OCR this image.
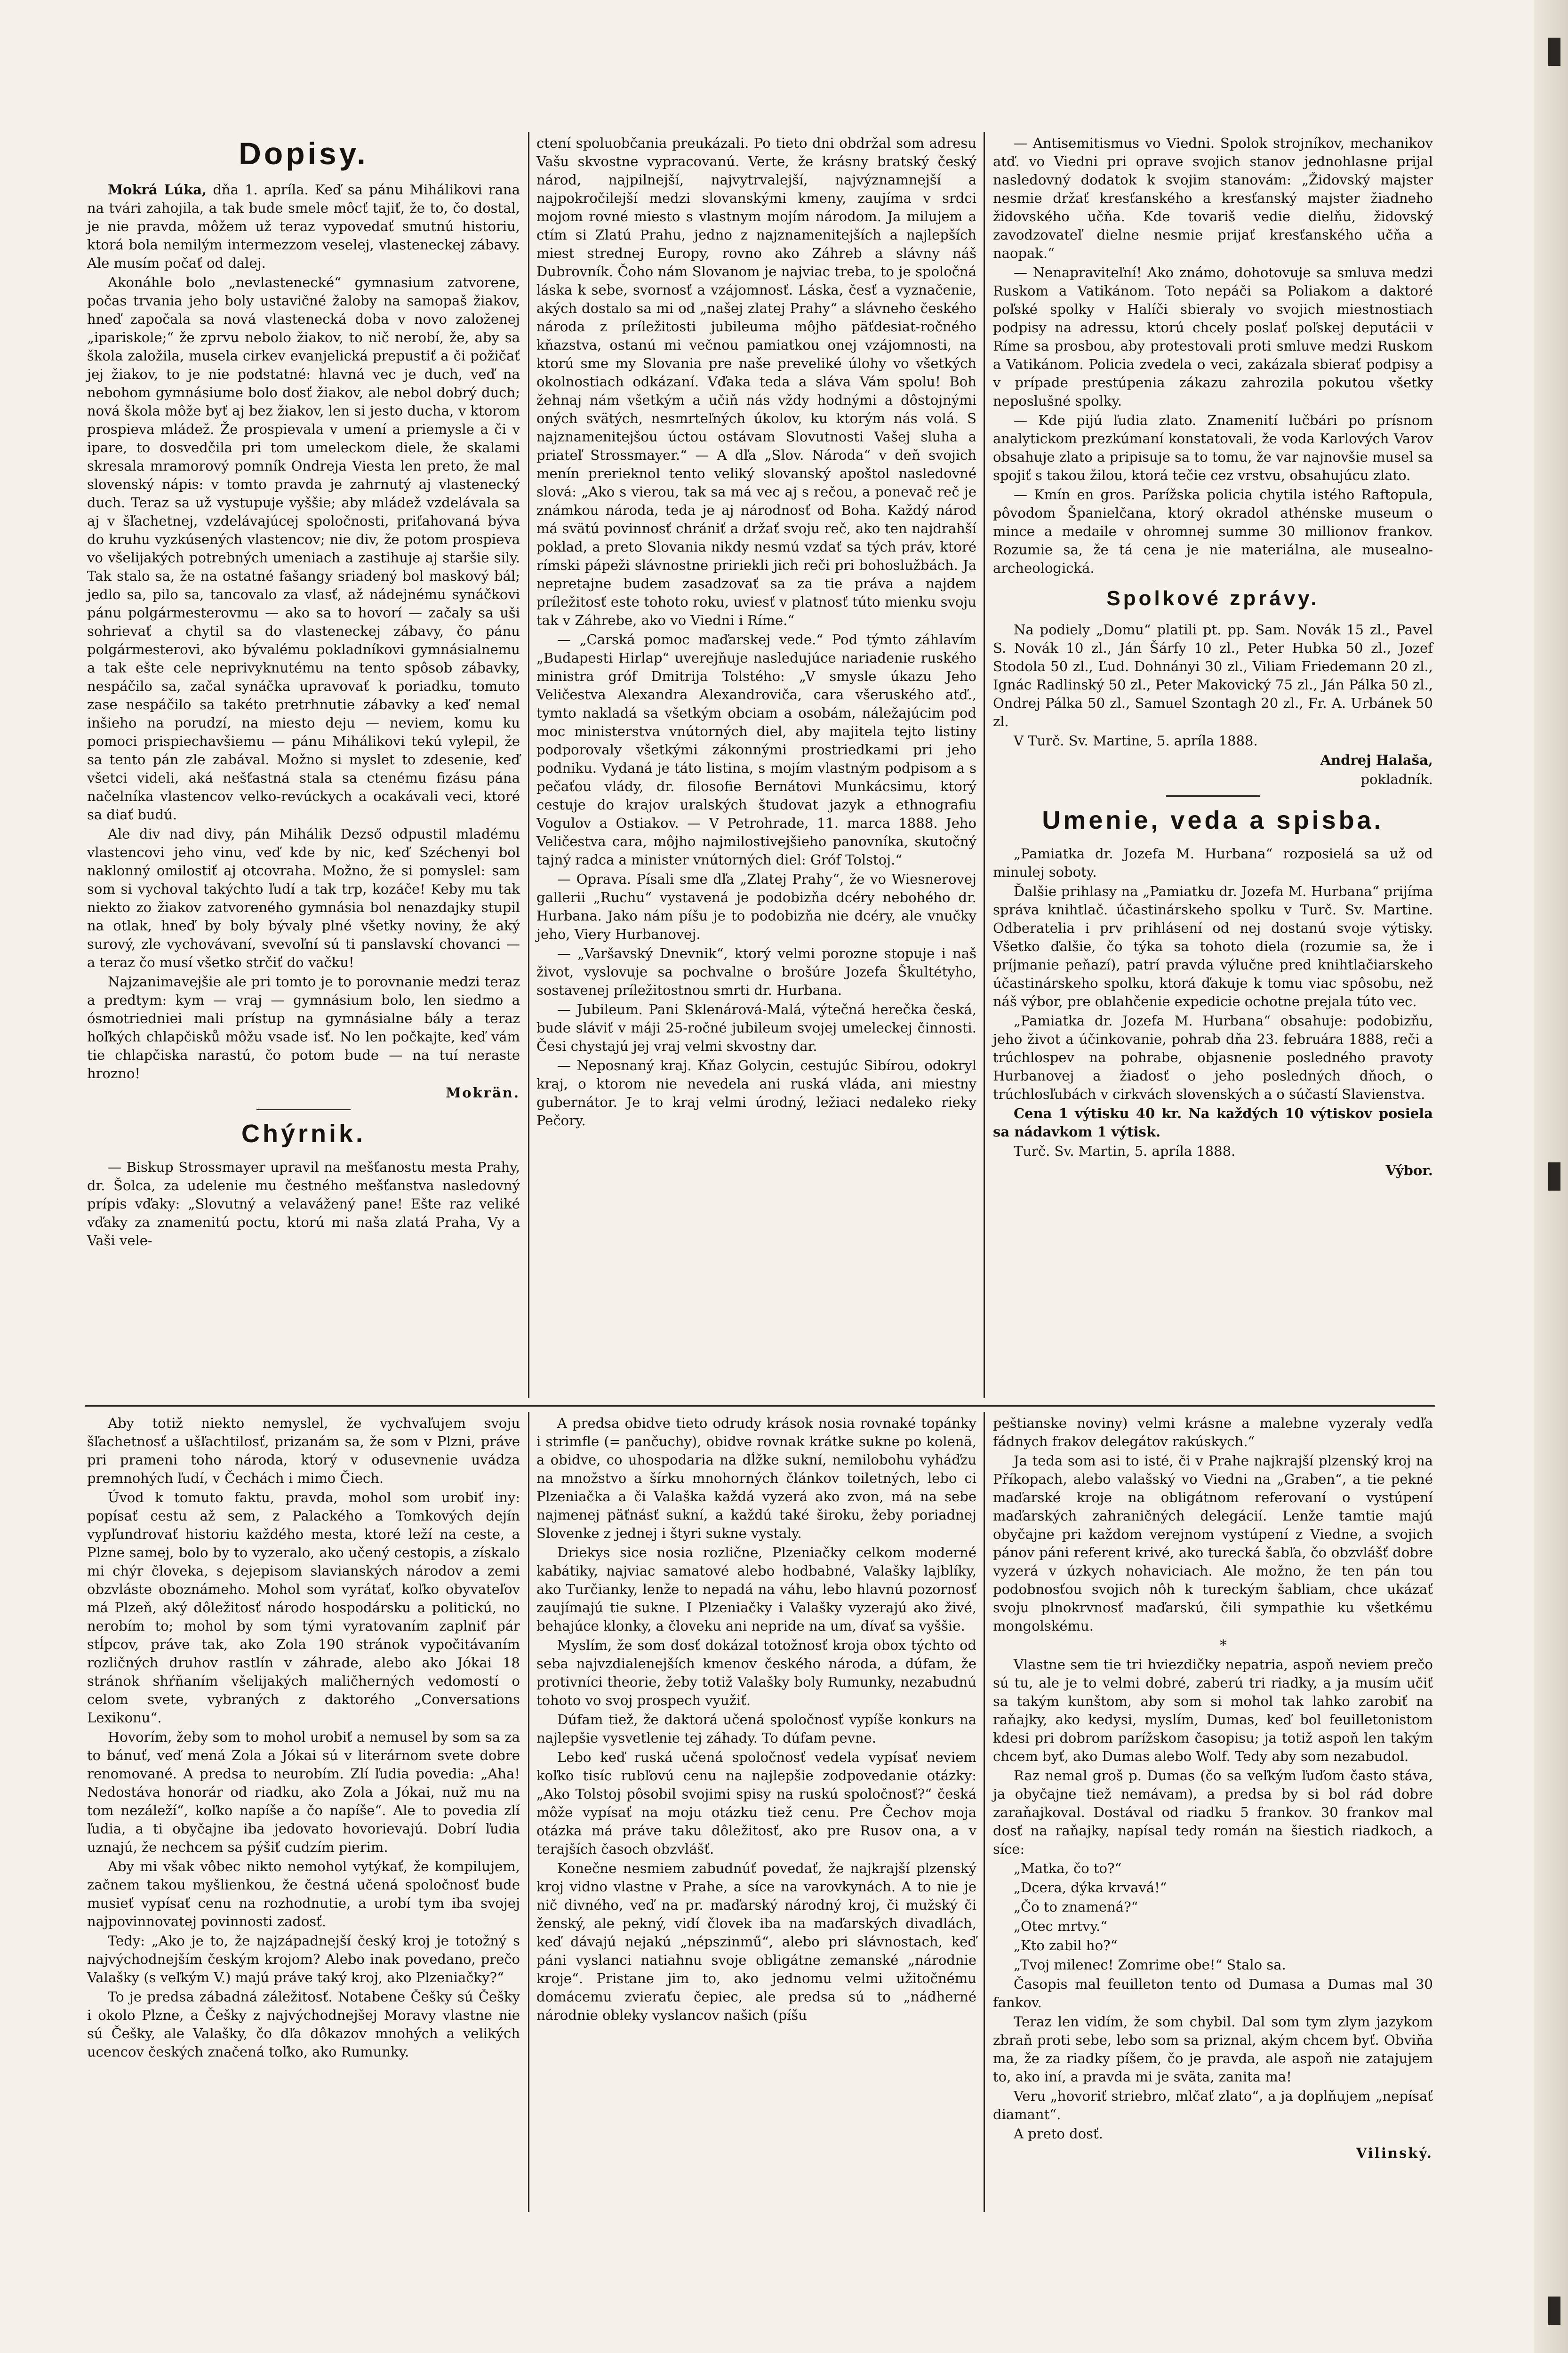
Dopisy.

Mokrá Lúka, dňa 1. apríla. Keď sa pánu Mihálikovi rana na tvári zahojila, a tak bude smele môcť tajiť, že to, čo dostal, je nie pravda, môžem už teraz vypovedať smutnú historiu, ktorá bola nemilým intermezzom veselej, vlasteneckej zábavy. Ale musím počať od dalej.

Akonáhle bolo „nevlastenecké“ gymnasium zatvorene, počas trvania jeho boly ustavičné žaloby na samopaš žiakov, hneď započala sa nová vlastenecká doba v novo založenej „ipariskole;“ že zprvu nebolo žiakov, to nič nerobí, že, aby sa škola založila, musela cirkev evanjelická prepustiť a či požičať jej žiakov, to je nie podstatné: hlavná vec je duch, veď na nebohom gymnásiume bolo dosť žiakov, ale nebol dobrý duch; nová škola môže byť aj bez žiakov, len si jesto ducha, v ktorom prospieva mládež. Že prospievala v umení a priemysle a či v ipare, to dosvedčila pri tom umeleckom diele, že skalami skresala mramorový pomník Ondreja Viesta len preto, že mal slovenský nápis: v tomto pravda je zahrnutý aj vlastenecký duch. Teraz sa už vystupuje vyššie; aby mládež vzdelávala sa aj v šľachetnej, vzdelávajúcej spoločnosti, priťahovaná býva do kruhu vyzkúsených vlastencov; nie div, že potom prospieva vo všelijakých potrebných umeniach a zastihuje aj staršie sily. Tak stalo sa, že na ostatné fašangy sriadený bol maskový bál; jedlo sa, pilo sa, tancovalo za vlasť, až nádejnému synáčkovi pánu polgármesterovmu — ako sa to hovorí — začaly sa uši sohrievať a chytil sa do vlasteneckej zábavy, čo pánu polgármesterovi, ako bývalému pokladníkovi gymnásialnemu a tak ešte cele neprivyknutému na tento spôsob zábavky, nespáčilo sa, začal synáčka upravovať k poriadku, tomuto zase nespáčilo sa takéto pretrhnutie zábavky a keď nemal inšieho na porudzí, na miesto deju — neviem, komu ku pomoci prispiechavšiemu — pánu Mihálikovi tekú vylepil, že sa tento pán zle zabával. Možno si myslet to zdesenie, keď všetci videli, aká nešťastná stala sa ctenému fizásu pána načelníka vlastencov velko-revúckych a ocakávali veci, ktoré sa diať budú.

Ale div nad divy, pán Mihálik Dezső odpustil mladému vlastencovi jeho vinu, veď kde by nic, keď Széchenyi bol naklonný omilostiť aj otcovraha. Možno, že si pomyslel: sam som si vychoval takýchto ľudí a tak trp, kozáče! Keby mu tak niekto zo žiakov zatvoreného gymnásia bol nenazdajky stupil na otlak, hneď by boly bývaly plné všetky noviny, že aký surový, zle vychovávaní, svevoľní sú ti panslavskí chovanci — a teraz čo musí všetko strčiť do vačku!

Najzanimavejšie ale pri tomto je to porovnanie medzi teraz a predtym: kym — vraj — gymnásium bolo, len siedmo a ósmotriedniei mali prístup na gymnásialne bály a teraz hoľkých chlapčisků môžu vsade isť. No len počkajte, keď vám tie chlapčiska narastú, čo potom bude — na tuí neraste hrozno!

Mokrän.

Chýrnik.

— Biskup Strossmayer upravil na mešťanostu mesta Prahy, dr. Šolca, za udelenie mu čestného mešťanstva nasledovný prípis vďaky: „Slovutný a velavážený pane! Ešte raz veliké vďaky za znamenitú poctu, ktorú mi naša zlatá Praha, Vy a Vaši vele-

ctení spoluobčania preukázali. Po tieto dni obdržal som adresu Vašu skvostne vypracovanú. Verte, že krásny bratský český národ, najpilnejší, najvytrvalejší, najvýznamnejší a najpokročilejší medzi slovanskými kmeny, zaujíma v srdci mojom rovné miesto s vlastnym mojím národom. Ja milujem a ctím si Zlatú Prahu, jedno z najznamenitejších a najlepších miest strednej Europy, rovno ako Záhreb a slávny náš Dubrovník. Čoho nám Slovanom je najviac treba, to je spoločná láska k sebe, svornosť a vzájomnosť. Láska, česť a vyznačenie, akých dostalo sa mi od „našej zlatej Prahy“ a slávneho českého národa z príležitosti jubileuma môjho päťdesiat-ročného kňazstva, ostanú mi večnou pamiatkou onej vzájomnosti, na ktorú sme my Slovania pre naše preveliké úlohy vo všetkých okolnostiach odkázaní. Vďaka teda a sláva Vám spolu! Boh žehnaj nám všetkým a učiň nás vždy hodnými a dôstojnými oných svätých, nesmrteľných úkolov, ku ktorým nás volá. S najznamenitejšou úctou ostávam Slovutnosti Vašej sluha a priateľ Strossmayer.“ — A dľa „Slov. Národa“ v deň svojich menín prerieknol tento veliký slovanský apoštol nasledovné slová: „Ako s vierou, tak sa má vec aj s rečou, a ponevač reč je známkou národa, teda je aj národnosť od Boha. Každý národ má svätú povinnosť chrániť a držať svoju reč, ako ten najdrahší poklad, a preto Slovania nikdy nesmú vzdať sa tých práv, ktoré rímski pápeži slávnostne pririekli jich reči pri bohoslužbách. Ja nepretajne budem zasadzovať sa za tie práva a najdem príležitosť este tohoto roku, uviesť v platnosť túto mienku svoju tak v Záhrebe, ako vo Viedni i Ríme.“

— „Carská pomoc maďarskej vede.“ Pod týmto záhlavím „Budapesti Hirlap“ uverejňuje nasledujúce nariadenie ruského ministra gróf Dmitrija Tolstého: „V smysle úkazu Jeho Veličestva Alexandra Alexandroviča, cara všeruského atď., tymto nakladá sa všetkým obciam a osobám, náležajúcim pod moc ministerstva vnútorných diel, aby majitela tejto listiny podporovaly všetkými zákonnými prostriedkami pri jeho podniku. Vydaná je táto listina, s mojím vlastným podpisom a s pečaťou vlády, dr. filosofie Bernátovi Munkácsimu, ktorý cestuje do krajov uralských študovat jazyk a ethnografiu Vogulov a Ostiakov. — V Petrohrade, 11. marca 1888. Jeho Veličestva cara, môjho najmilostivejšieho panovníka, skutočný tajný radca a minister vnútorných diel: Gróf Tolstoj.“

— Oprava. Písali sme dľa „Zlatej Prahy“, že vo Wiesnerovej gallerii „Ruchu“ vystavená je podobizňa dcéry nebohého dr. Hurbana. Jako nám píšu je to podobizňa nie dcéry, ale vnučky jeho, Viery Hurbanovej.

— „Varšavský Dnevnik“, ktorý velmi porozne stopuje i naš život, vyslovuje sa pochvalne o brošúre Jozefa Škultétyho, sostavenej príležitostnou smrti dr. Hurbana.

— Jubileum. Pani Sklenárová-Malá, výtečná herečka česká, bude sláviť v máji 25-ročné jubileum svojej umeleckej činnosti. Česi chystajú jej vraj velmi skvostny dar.

— Neposnaný kraj. Kňaz Golycin, cestujúc Sibírou, odokryl kraj, o ktorom nie nevedela ani ruská vláda, ani miestny gubernátor. Je to kraj velmi úrodný, ležiaci nedaleko rieky Pečory.

— Antisemitismus vo Viedni. Spolok strojníkov, mechanikov atď. vo Viedni pri oprave svojich stanov jednohlasne prijal nasledovný dodatok k svojim stanovám: „Židovský majster nesmie držať kresťanského a kresťanský majster žiadneho židovského učňa. Kde tovariš vedie dielňu, židovský zavodzovateľ dielne nesmie prijať kresťanského učňa a naopak.“

— Nenapraviteľní! Ako známo, dohotovuje sa smluva medzi Ruskom a Vatikánom. Toto nepáči sa Poliakom a daktoré poľské spolky v Halíči sbieraly vo svojich miestnostiach podpisy na adressu, ktorú chcely poslať poľskej deputácii v Ríme sa prosbou, aby protestovali proti smluve medzi Ruskom a Vatikánom. Policia zvedela o veci, zakázala sbierať podpisy a v prípade prestúpenia zákazu zahrozila pokutou všetky neposlušné spolky.

— Kde pijú ľudia zlato. Znamenití lučbári po prísnom analytickom prezkúmaní konstatovali, že voda Karlových Varov obsahuje zlato a pripisuje sa to tomu, že var najnovšie musel sa spojiť s takou žilou, ktorá tečie cez vrstvu, obsahujúcu zlato.

— Kmín en gros. Parížska policia chytila istého Raftopula, pôvodom Španielčana, ktorý okradol athénske museum o mince a medaile v ohromnej summe 30 millionov frankov. Rozumie sa, že tá cena je nie materiálna, ale musealno-archeologická.

Spolkové zprávy.

Na podiely „Domu“ platili pt. pp. Sam. Novák 15 zl., Pavel S. Novák 10 zl., Ján Šárfy 10 zl., Peter Hubka 50 zl., Jozef Stodola 50 zl., Ľud. Dohnányi 30 zl., Viliam Friedemann 20 zl., Ignác Radlinský 50 zl., Peter Makovický 75 zl., Ján Pálka 50 zl., Ondrej Pálka 50 zl., Samuel Szontagh 20 zl., Fr. A. Urbánek 50 zl.

V Turč. Sv. Martine, 5. apríla 1888.

Andrej Halaša,

pokladník.

Umenie, veda a spisba.

„Pamiatka dr. Jozefa M. Hurbana“ rozposielá sa už od minulej soboty.

Ďalšie prihlasy na „Pamiatku dr. Jozefa M. Hurbana“ prijíma správa knihtlač. účastinárskeho spolku v Turč. Sv. Martine. Odberatelia i prv prihlásení od nej dostanú svoje výtisky. Všetko ďalšie, čo týka sa tohoto diela (rozumie sa, že i príjmanie peňazí), patrí pravda výlučne pred knihtlačiarskeho účastinárskeho spolku, ktorá ďakuje k tomu viac spôsobu, než náš výbor, pre oblahčenie expedicie ochotne prejala túto vec.

„Pamiatka dr. Jozefa M. Hurbana“ obsahuje: podobizňu, jeho život a účinkovanie, pohrab dňa 23. februára 1888, reči a trúchlospev na pohrabe, objasnenie posledného pravoty Hurbanovej a žiadosť o jeho posledných dňoch, o trúchlosľubách v cirkvách slovenských a o súčastí Slavienstva.

Cena 1 výtisku 40 kr. Na každých 10 výtiskov posiela sa nádavkom 1 výtisk.

Turč. Sv. Martin, 5. apríla 1888.

Výbor.

Aby totiž niekto nemyslel, že vychvaľujem svoju šľachetnosť a ušľachtilosť, prizanám sa, že som v Plzni, práve pri prameni toho národa, ktorý v odusevnenie uvádza premnohých ľudí, v Čechách i mimo Čiech.

Úvod k tomuto faktu, pravda, mohol som urobiť iny: popísať cestu až sem, z Palackého a Tomkových dejín vypľundrovať historiu každého mesta, ktoré leží na ceste, a Plzne samej, bolo by to vyzeralo, ako učený cestopis, a získalo mi chýr človeka, s dejepisom slavianských národov a zemi obzvláste oboznámeho. Mohol som vyrátať, koľko obyvateľov má Plzeň, aký dôležitosť národo hospodársku a politickú, no nerobím to; mohol by som tými vyratovaním zaplniť pár stĺpcov, práve tak, ako Zola 190 stránok vypočitávaním rozličných druhov rastlín v záhrade, alebo ako Jókai 18 stránok shŕňaním všelijakých maličherných vedomostí o celom svete, vybraných z daktorého „Conversations Lexikonu“.

Hovorím, žeby som to mohol urobiť a nemusel by som sa za to bánuť, veď mená Zola a Jókai sú v literárnom svete dobre renomované. A predsa to neurobím. Zlí ľudia povedia: „Aha! Nedostáva honorár od riadku, ako Zola a Jókai, nuž mu na tom nezáleží“, koľko napíše a čo napíše“. Ale to povedia zlí ľudia, a ti obyčajne iba jedovato hovorievajú. Dobrí ľudia uznajú, že nechcem sa pýšiť cudzím pierim.

Aby mi však vôbec nikto nemohol vytýkať, že kompilujem, začnem takou myšlienkou, že čestná učená spoločnosť bude musieť vypísať cenu na rozhodnutie, a urobí tym iba svojej najpovinnovatej povinnosti zadosť.

Tedy: „Ako je to, že najzápadnejší český kroj je totožný s najvýchodnejším českým krojom? Alebo inak povedano, prečo Valašky (s veľkým V.) majú práve taký kroj, ako Plzeniačky?“

To je predsa zábadná záležitosť. Notabene Češky sú Češky i okolo Plzne, a Češky z najvýchodnejšej Moravy vlastne nie sú Češky, ale Valašky, čo dľa dôkazov mnohých a velikých ucencov českých značená toľko, ako Rumunky.

A predsa obidve tieto odrudy krások nosia rovnaké topánky i strimfle (= pančuchy), obidve rovnak krátke sukne po kolenä, a obidve, co uhospodaria na dĺžke sukní, nemilobohu vyháďzu na množstvo a šírku mnohorných článkov toiletných, lebo ci Plzeniačka a či Valaška každá vyzerá ako zvon, má na sebe najmenej päťnásť sukní, a každú také široku, žeby poriadnej Slovenke z jednej i štyri sukne vystaly.

Driekys sice nosia rozlične, Plzeniačky celkom moderné kabátiky, najviac samatové alebo hodbabné, Valašky lajblíky, ako Turčianky, lenže to nepadá na váhu, lebo hlavnú pozornosť zaujímajú tie sukne. I Plzeniačky i Valašky vyzerajú ako živé, behajúce klonky, a človeku ani nepride na um, dívať sa vyššie.

Myslím, že som dosť dokázal totožnosť kroja obox týchto od seba najvzdialenejších kmenov českého národa, a dúfam, že protivníci theorie, žeby totiž Valašky boly Rumunky, nezabudnú tohoto vo svoj prospech využiť.

Dúfam tiež, že daktorá učená spoločnosť vypíše konkurs na najlepšie vysvetlenie tej záhady. To dúfam pevne.

Lebo keď ruská učená spoločnosť vedela vypísať neviem koľko tisíc rubľovú cenu na najlepšie zodpovedanie otázky: „Ako Tolstoj pôsobil svojimi spisy na ruskú spoločnosť?“ česká môže vypísať na moju otázku tiež cenu. Pre Čechov moja otázka má práve taku dôležitosť, ako pre Rusov ona, a v terajších časoch obzvlášť.

Konečne nesmiem zabudnúť povedať, že najkrajší plzenský kroj vidno vlastne v Prahe, a síce na varovkynách. A to nie je nič divného, veď na pr. maďarský národný kroj, či mužský či ženský, ale pekný, vidí človek iba na maďarských divadlách, keď dávajú nejakú „népszinmű“, alebo pri slávnostach, keď páni vyslanci natiahnu svoje obligátne zemanské „národnie kroje“. Pristane jim to, ako jednomu velmi užitočnému domácemu zvieraťu čepiec, ale predsa sú to „nádherné národnie obleky vyslancov našich (píšu

peštianske noviny) velmi krásne a malebne vyzeraly vedľa fádnych frakov delegátov rakúskych.“

Ja teda som asi to isté, či v Prahe najkrajší plzenský kroj na Příkopach, alebo valašský vo Viedni na „Graben“, a tie pekné maďarské kroje na obligátnom referovaní o vystúpení maďarských zahraničných delegácií. Lenže tamtie majú obyčajne pri každom verejnom vystúpení z Viedne, a svojich pánov páni referent krivé, ako turecká šabľa, čo obzvlášť dobre vyzerá v úzkych nohaviciach. Ale možno, že ten pán tou podobnosťou svojich nôh k tureckým šabliam, chce ukázať svoju plnokrvnosť maďarskú, čili sympathie ku všetkému mongolskému.

*

Vlastne sem tie tri hviezdičky nepatria, aspoň neviem prečo sú tu, ale je to velmi dobré, zaberú tri riadky, a ja musím učiť sa takým kunštom, aby som si mohol tak lahko zarobiť na raňajky, ako kedysi, myslím, Dumas, keď bol feuilletonistom kdesi pri dobrom parížskom časopisu; ja totiž aspoň len takým chcem byť, ako Dumas alebo Wolf. Tedy aby som nezabudol.

Raz nemal groš p. Dumas (čo sa veľkým ľuďom často stáva, ja obyčajne tiež nemávam), a predsa by si bol rád dobre zaraňajkoval. Dostával od riadku 5 frankov. 30 frankov mal dosť na raňajky, napísal tedy román na šiestich riadkoch, a síce:

„Matka, čo to?“

„Dcera, dýka krvavá!“

„Čo to znamená?“

„Otec mrtvy.“

„Kto zabil ho?“

„Tvoj milenec! Zomrime obe!“ Stalo sa.

Časopis mal feuilleton tento od Dumasa a Dumas mal 30 fankov.

Teraz len vidím, že som chybil. Dal som tym zlym jazykom zbraň proti sebe, lebo som sa priznal, akým chcem byť. Obviňa ma, že za riadky píšem, čo je pravda, ale aspoň nie zatajujem to, ako iní, a pravda mi je sväta, zanita ma!

Veru „hovoriť striebro, mlčať zlato“, a ja doplňujem „nepísať diamant“.

A preto dosť.

Vilinský.
